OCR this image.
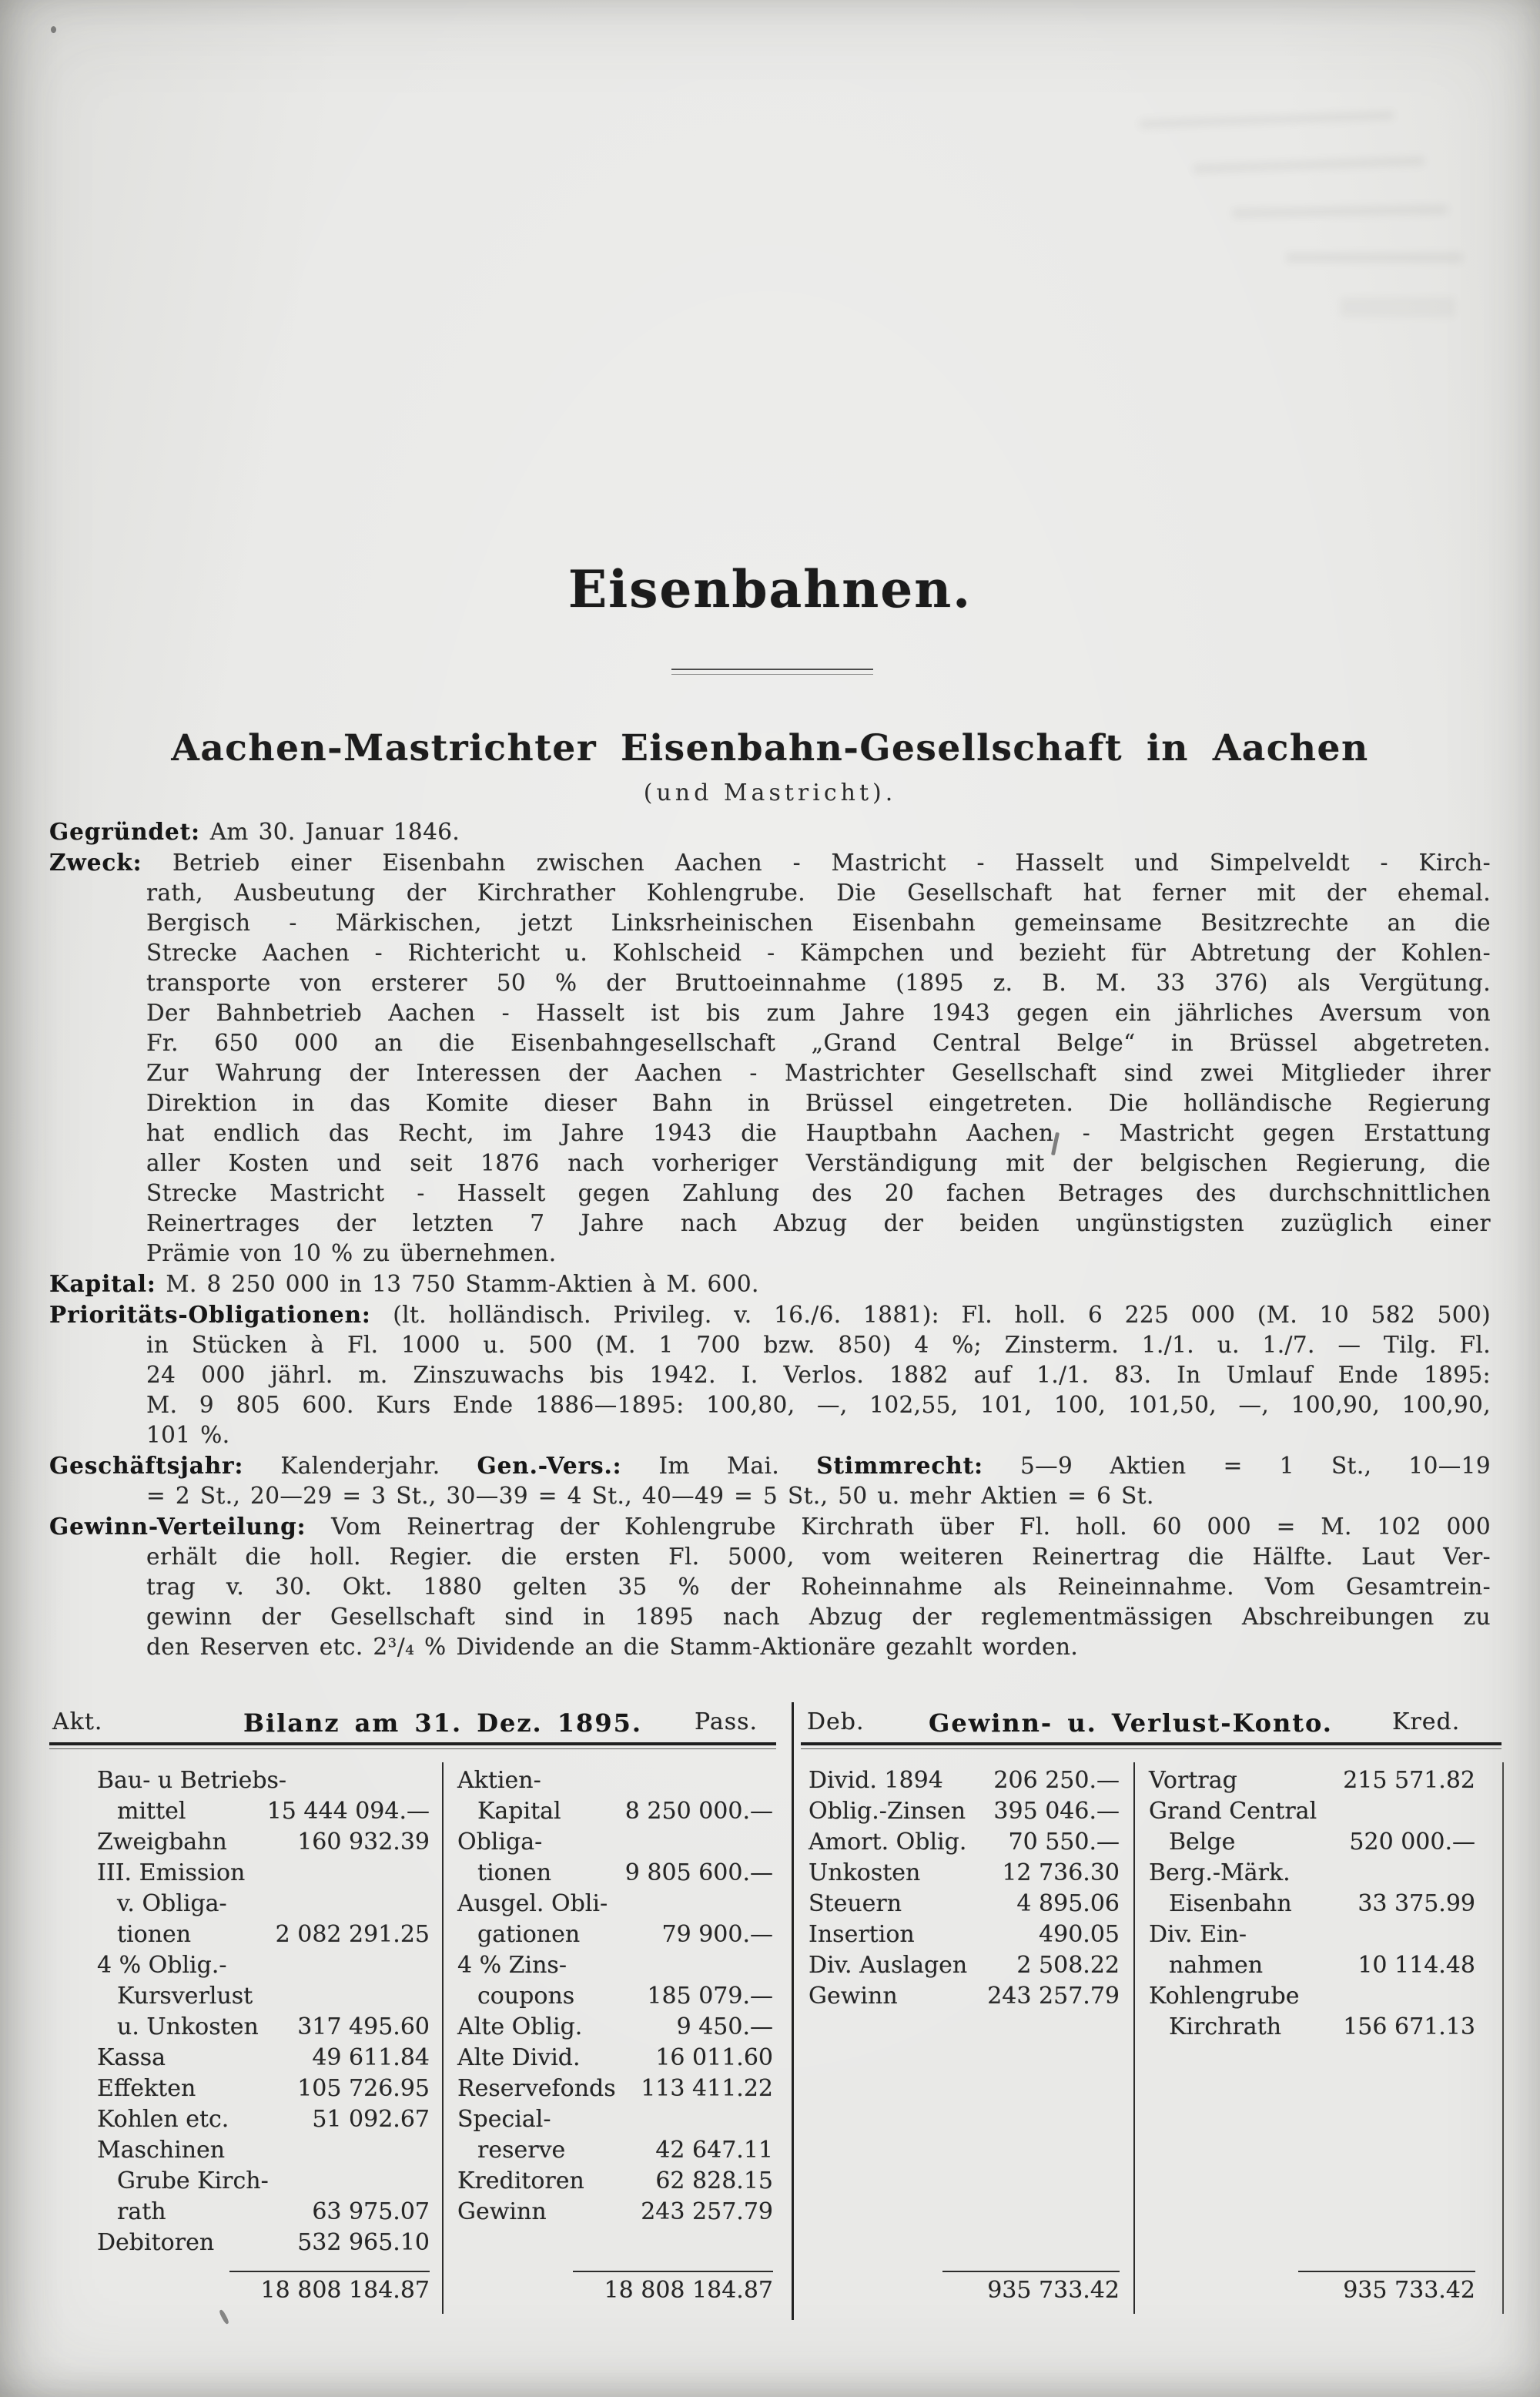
Eisenbahnen.
Aachen-Mastrichter Eisenbahn-Gesellschaft in Aachen
(und Mastricht).
Gegründet: Am 30. Januar 1846.
Zweck: Betrieb einer Eisenbahn zwischen Aachen - Mastricht - Hasselt und Simpelveldt - Kirch-
rath, Ausbeutung der Kirchrather Kohlengrube. Die Gesellschaft hat ferner mit der ehemal.
Bergisch - Märkischen, jetzt Linksrheinischen Eisenbahn gemeinsame Besitzrechte an die
Strecke Aachen - Richtericht u. Kohlscheid - Kämpchen und bezieht für Abtretung der Kohlen-
transporte von ersterer 50 % der Bruttoeinnahme (1895 z. B. M. 33 376) als Vergütung.
Der Bahnbetrieb Aachen - Hasselt ist bis zum Jahre 1943 gegen ein jährliches Aversum von
Fr. 650 000 an die Eisenbahngesellschaft „Grand Central Belge“ in Brüssel abgetreten.
Zur Wahrung der Interessen der Aachen - Mastrichter Gesellschaft sind zwei Mitglieder ihrer
Direktion in das Komite dieser Bahn in Brüssel eingetreten. Die holländische Regierung
hat endlich das Recht, im Jahre 1943 die Hauptbahn Aachen - Mastricht gegen Erstattung
aller Kosten und seit 1876 nach vorheriger Verständigung mit der belgischen Regierung, die
Strecke Mastricht - Hasselt gegen Zahlung des 20 fachen Betrages des durchschnittlichen
Reinertrages der letzten 7 Jahre nach Abzug der beiden ungünstigsten zuzüglich einer
Prämie von 10 % zu übernehmen.
Kapital: M. 8 250 000 in 13 750 Stamm-Aktien à M. 600.
Prioritäts-Obligationen: (lt. holländisch. Privileg. v. 16./6. 1881): Fl. holl. 6 225 000 (M. 10 582 500)
in Stücken à Fl. 1000 u. 500 (M. 1 700 bzw. 850) 4 %; Zinsterm. 1./1. u. 1./7. — Tilg. Fl.
24 000 jährl. m. Zinszuwachs bis 1942. I. Verlos. 1882 auf 1./1. 83. In Umlauf Ende 1895:
M. 9 805 600. Kurs Ende 1886—1895: 100,80, —, 102,55, 101, 100, 101,50, —, 100,90, 100,90,
101 %.
Geschäftsjahr: Kalenderjahr. Gen.-Vers.: Im Mai. Stimmrecht: 5—9 Aktien = 1 St., 10—19
= 2 St., 20—29 = 3 St., 30—39 = 4 St., 40—49 = 5 St., 50 u. mehr Aktien = 6 St.
Gewinn-Verteilung: Vom Reinertrag der Kohlengrube Kirchrath über Fl. holl. 60 000 = M. 102 000
erhält die holl. Regier. die ersten Fl. 5000, vom weiteren Reinertrag die Hälfte. Laut Ver-
trag v. 30. Okt. 1880 gelten 35 % der Roheinnahme als Reineinnahme. Vom Gesamtrein-
gewinn der Gesellschaft sind in 1895 nach Abzug der reglementmässigen Abschreibungen zu
den Reserven etc. 2³/₄ % Dividende an die Stamm-Aktionäre gezahlt worden.
Akt.	Bilanz am 31. Dez. 1895. Pass. Deb.	Gewinn- u. Verlust-Konto.	Kred.
Bau- u Betriebs-
mittel	15 444 094.—
Zweigbahn	160 932.39
III. Emission
v. Obliga-
tionen	2 082 291.25
4 % Oblig.-
Kursverlust
u. Unkosten 317 495.60
Kassa	49 611.84
Effekten	105 726.95
Kohlen etc.	51 092.67
Maschinen
Grube Kirch-
rath	63 975.07
Debitoren	532 965.10
Aktien-
Kapital	8 250 000.—
Obliga-
tionen	9 805 600.—
Ausgel. Obli-
gationen	79 900.—
4 % Zins-
coupons	185 079.—
Alte Oblig.	9 450.—
Alte Divid.	16 011.60
Reservefonds 113 411.22
Special-
reserve	42 647.11
Kreditoren	62 828.15
Gewinn	243 257.79
Divid. 1894 206 250.—
Oblig.-Zinsen 395 046.—
Amort. Oblig. 70 550.—
Unkosten	12 736.30
Steuern	4 895.06
Insertion	490.05
Div. Auslagen 2 508.22
Gewinn	243 257.79
Vortrag	215 571.82
Grand Central
Belge	520 000.—
Berg.-Märk.
Eisenbahn	33 375.99
Div. Ein-
nahmen	10 114.48
Kohlengrube
Kirchrath	156 671.13
18 808 184.87	18 808 184.87	935 733.42	935 733.42
